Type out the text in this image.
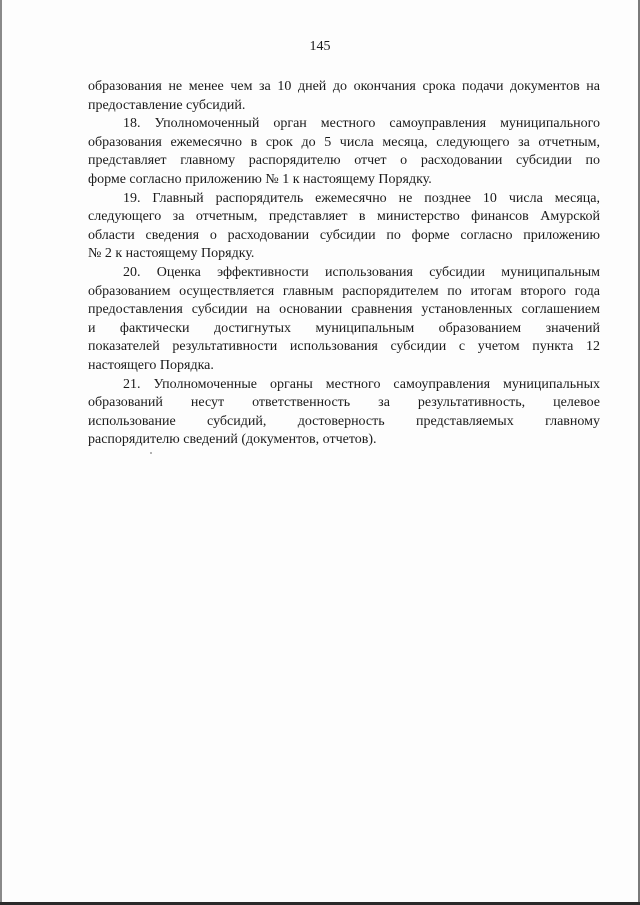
145
образования не менее чем за 10 дней до окончания срока подачи документов на
предоставление субсидий.
18. Уполномоченный орган местного самоуправления муниципального
образования ежемесячно в срок до 5 числа месяца, следующего за отчетным,
представляет главному распорядителю отчет о расходовании субсидии по
форме согласно приложению № 1 к настоящему Порядку.
19. Главный распорядитель ежемесячно не позднее 10 числа месяца,
следующего за отчетным, представляет в министерство финансов Амурской
области сведения о расходовании субсидии по форме согласно приложению
№ 2 к настоящему Порядку.
20. Оценка эффективности использования субсидии муниципальным
образованием осуществляется главным распорядителем по итогам второго года
предоставления субсидии на основании сравнения установленных соглашением
и фактически достигнутых муниципальным образованием значений
показателей результативности использования субсидии с учетом пункта 12
настоящего Порядка.
21. Уполномоченные органы местного самоуправления муниципальных
образований несут ответственность за результативность, целевое
использование субсидий, достоверность представляемых главному
распорядителю сведений (документов, отчетов).
